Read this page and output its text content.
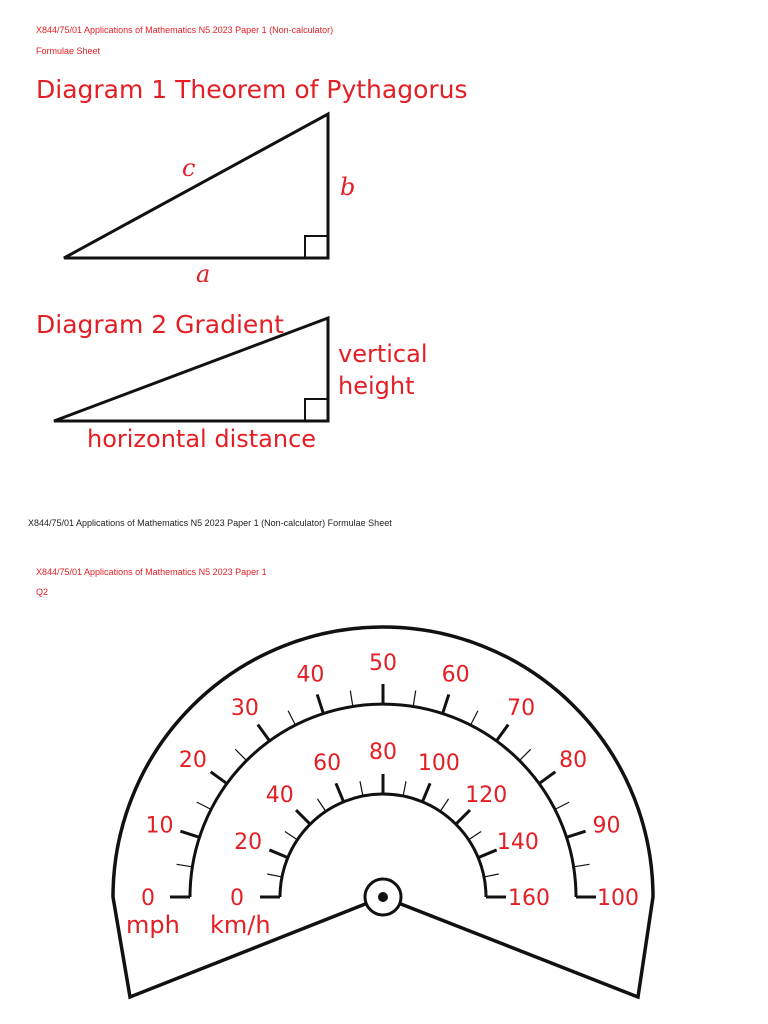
X844/75/01 Applications of Mathematics N5 2023 Paper 1 (Non-calculator)
Formulae Sheet
Diagram 1 Theorem of Pythagorus
c
b
a
Diagram 2 Gradient
vertical
height
horizontal distance
X844/75/01 Applications of Mathematics N5 2023 Paper 1 (Non-calculator) Formulae Sheet
X844/75/01 Applications of Mathematics N5 2023 Paper 1
Q2
0
10
20
30
40 50 60
70
80
90
100
0
20
40
60 80 100
120
140
160
mph km/h
